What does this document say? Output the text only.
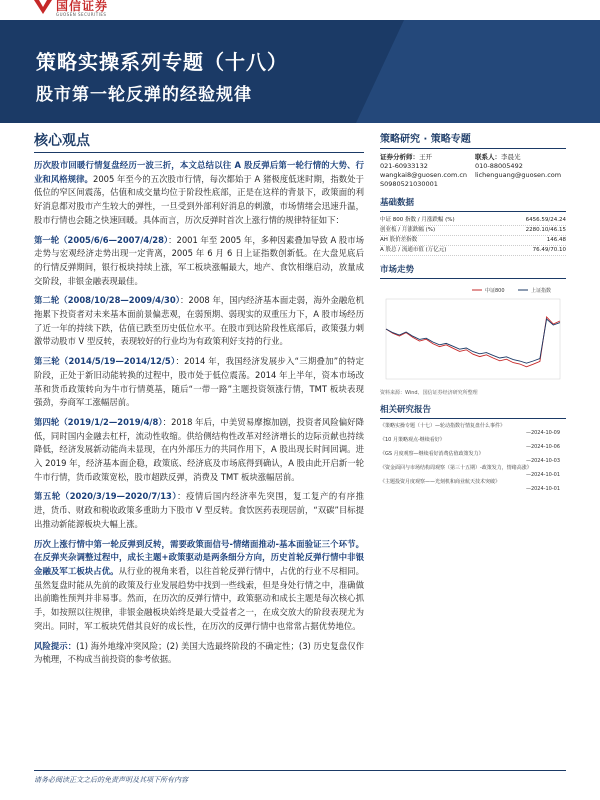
国信证券
GUOSEN SECURITIES
策略实操系列专题（十八）
股市第一轮反弹的经验规律
核心观点

历次股市回暖行情复盘经历一波三折，本文总结以往 A 股反弹后第一轮行情的大势、行业和风格规律。2005 年至今的五次股市行情，每次都始于 A 猪极度低迷时期，指数处于低位的窄区间震荡，估值和成交量均位于阶段性底部，正是在这样的背景下，政策面的利好消息都对股市产生较大的弹性，一旦受到外部利好消息的刺激，市场情绪会迅速升温，股市行情也会随之快速回暖。具体而言，历次反弹时首次上涨行情的规律特征如下：

第一轮（2005/6/6—2007/4/28）：2001 年至 2005 年，多种因素叠加导致 A 股市场走势与宏观经济走势出现一定背离，2005 年 6 月 6 日上证指数创新低。在大盘见底后的行情反弹期间，银行板块持续上涨，军工板块涨幅最大，地产、食饮相继启动，放量成交阶段，非银金融表现最佳。

第二轮（2008/10/28—2009/4/30）：2008 年，国内经济基本面走弱，海外金融危机拖累下投资者对未来基本面前景偏悲观，在弱预期、弱现实的双重压力下，A 股市场经历了近一年的持续下跌，估值已跌至历史低位水平。在股市到达阶段性底部后，政策强力刺激带动股市 V 型反转，表现较好的行业均为有政策利好支持的行业。

第三轮（2014/5/19—2014/12/5）：2014 年，我国经济发展步入“三期叠加”的特定阶段，正处于新旧动能转换的过程中，股市处于低位震荡。2014 年上半年，资本市场改革和货币政策转向为牛市行情奠基，随后“一带一路”主题投资领涨行情，TMT 板块表现强劲，券商军工涨幅居前。

第四轮（2019/1/2—2019/4/8）：2018 年后，中美贸易摩擦加剧，投资者风险偏好降低，同时国内金融去杠杆，流动性收缩。供给侧结构性改革对经济增长的边际贡献也持续降低，经济发展新动能尚未显现，在内外部压力的共同作用下，A 股出现长时间回调。进入 2019 年，经济基本面企稳，政策底、经济底及市场底得到确认，A 股由此开启新一轮牛市行情，货币政策宽松，股市超跌反弹，消费及 TMT 板块涨幅居前。

第五轮（2020/3/19—2020/7/13）：疫情后国内经济率先突围，复工复产的有序推进，货币、财政和税收政策多重助力下股市 V 型反转。食饮医药表现居前，“双碳”目标提出推动新能源板块大幅上涨。

历次上涨行情中第一轮反弹到反转，需要政策面信号-情绪面推动-基本面验证三个环节。在反弹夹杂调整过程中，成长主题+政策驱动是两条细分方向，历史首轮反弹行情中非银金融及军工板块占优。从行业的视角来看，以往首轮反弹行情中，占优的行业不尽相同。虽然复盘时能从先前的政策及行业发展趋势中找到一些线索，但是身处行情之中，准确做出前瞻性预判并非易事。然而，在历次的反弹行情中，政策驱动和成长主题是每次核心抓手，如按照以往规律，非银金融板块始终是最大受益者之一，在成交放大的阶段表现尤为突出。同时，军工板块凭借其良好的成长性，在历次的反弹行情中也常常占据优势地位。

风险提示：(1) 海外地缘冲突风险；(2) 美国大选最终阶段的不确定性；(3) 历史复盘仅作为梳理，不构成当前投资的参考依据。

策略研究 · 策略专题
证券分析师：王开
021-60933132
wangkai8@guosen.com.cn
S0980521030001
联系人：李晨光
010-88005492
lichenguang@guosen.com
基础数据
中证 800 指数 / 月涨跌幅 (%)	6456.59/24.24
创业板 / 月涨跌幅 (%)	2280.10/46.15
AH 股价差指数	146.48
A 股总 / 流通市值 (万亿元)	76.49/70.10
市场走势
中证800	上证指数
资料来源：Wind、国信证券经济研究所整理
相关研究报告
《策略实操专题（十七）—轮动指数行情复盘什么事件》
—2024-10-09
《10 月策略观点-继续看好》
—2024-10-06
《GS 月度观察—继续看好消费估值政策发力》
—2024-10-03
《资金面回与市场结构周观察（第三十五期）-政策发力，情绪高涨》
—2024-10-01
《主题投资月度观察——光刻机和商业航天技术突破》
—2024-10-01
请务必阅读正文之后的免责声明及其项下所有内容
